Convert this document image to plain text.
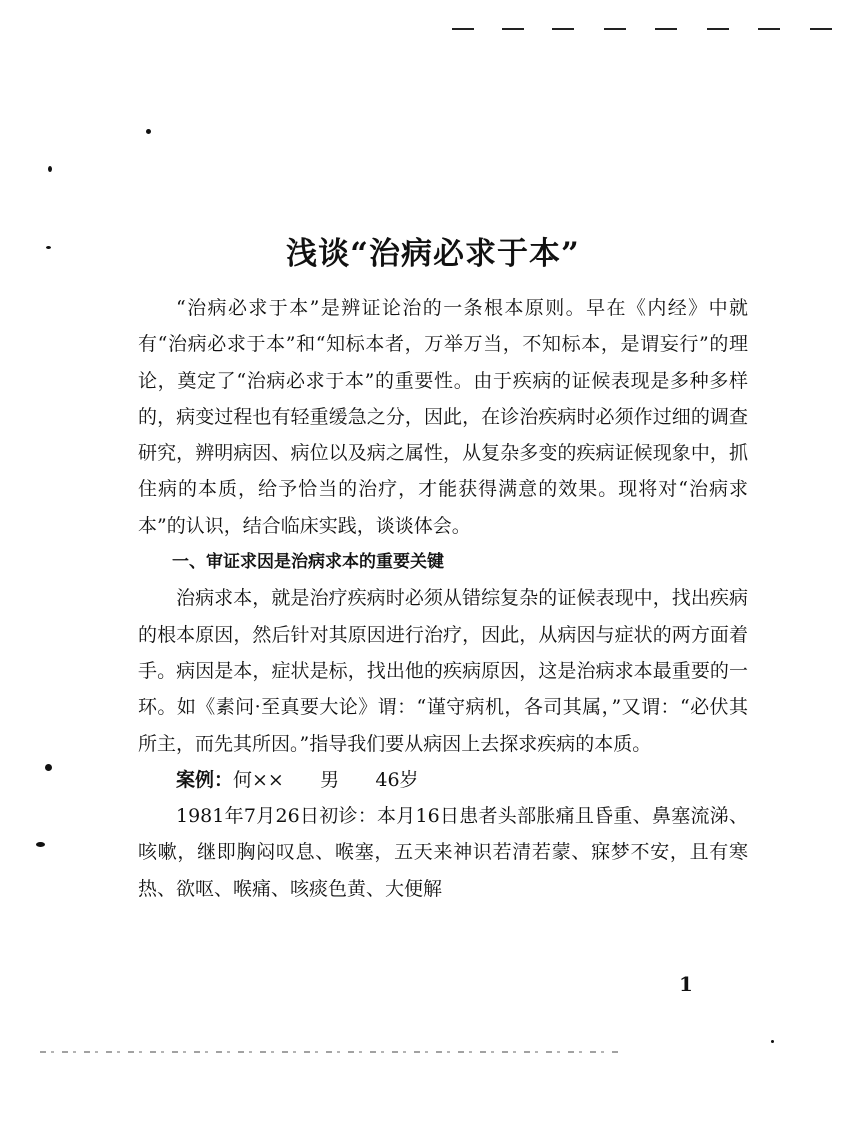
浅谈“治病必求于本”

“治病必求于本”是辨证论治的一条根本原则。早在《内经》中就有“治病必求于本”和“知标本者，万举万当，不知标本，是谓妄行”的理论，奠定了“治病必求于本”的重要性。由于疾病的证候表现是多种多样的，病变过程也有轻重缓急之分，因此，在诊治疾病时必须作过细的调查研究，辨明病因、病位以及病之属性，从复杂多变的疾病证候现象中，抓住病的本质，给予恰当的治疗，才能获得满意的效果。现将对“治病求本”的认识，结合临床实践，谈谈体会。

一、审证求因是治病求本的重要关键

治病求本，就是治疗疾病时必须从错综复杂的证候表现中，找出疾病的根本原因，然后针对其原因进行治疗，因此，从病因与症状的两方面着手。病因是本，症状是标，找出他的疾病原因，这是治病求本最重要的一环。如《素问·至真要大论》谓：“谨守病机，各司其属，”又谓：“必伏其所主，而先其所因。”指导我们要从病因上去探求疾病的本质。

案例：何×× 男 46岁

1981年7月26日初诊：本月16日患者头部胀痛且昏重、鼻塞流涕、咳嗽，继即胸闷叹息、喉塞，五天来神识若清若蒙、寐梦不安，且有寒热、欲呕、喉痛、咳痰色黄、大便解

1
